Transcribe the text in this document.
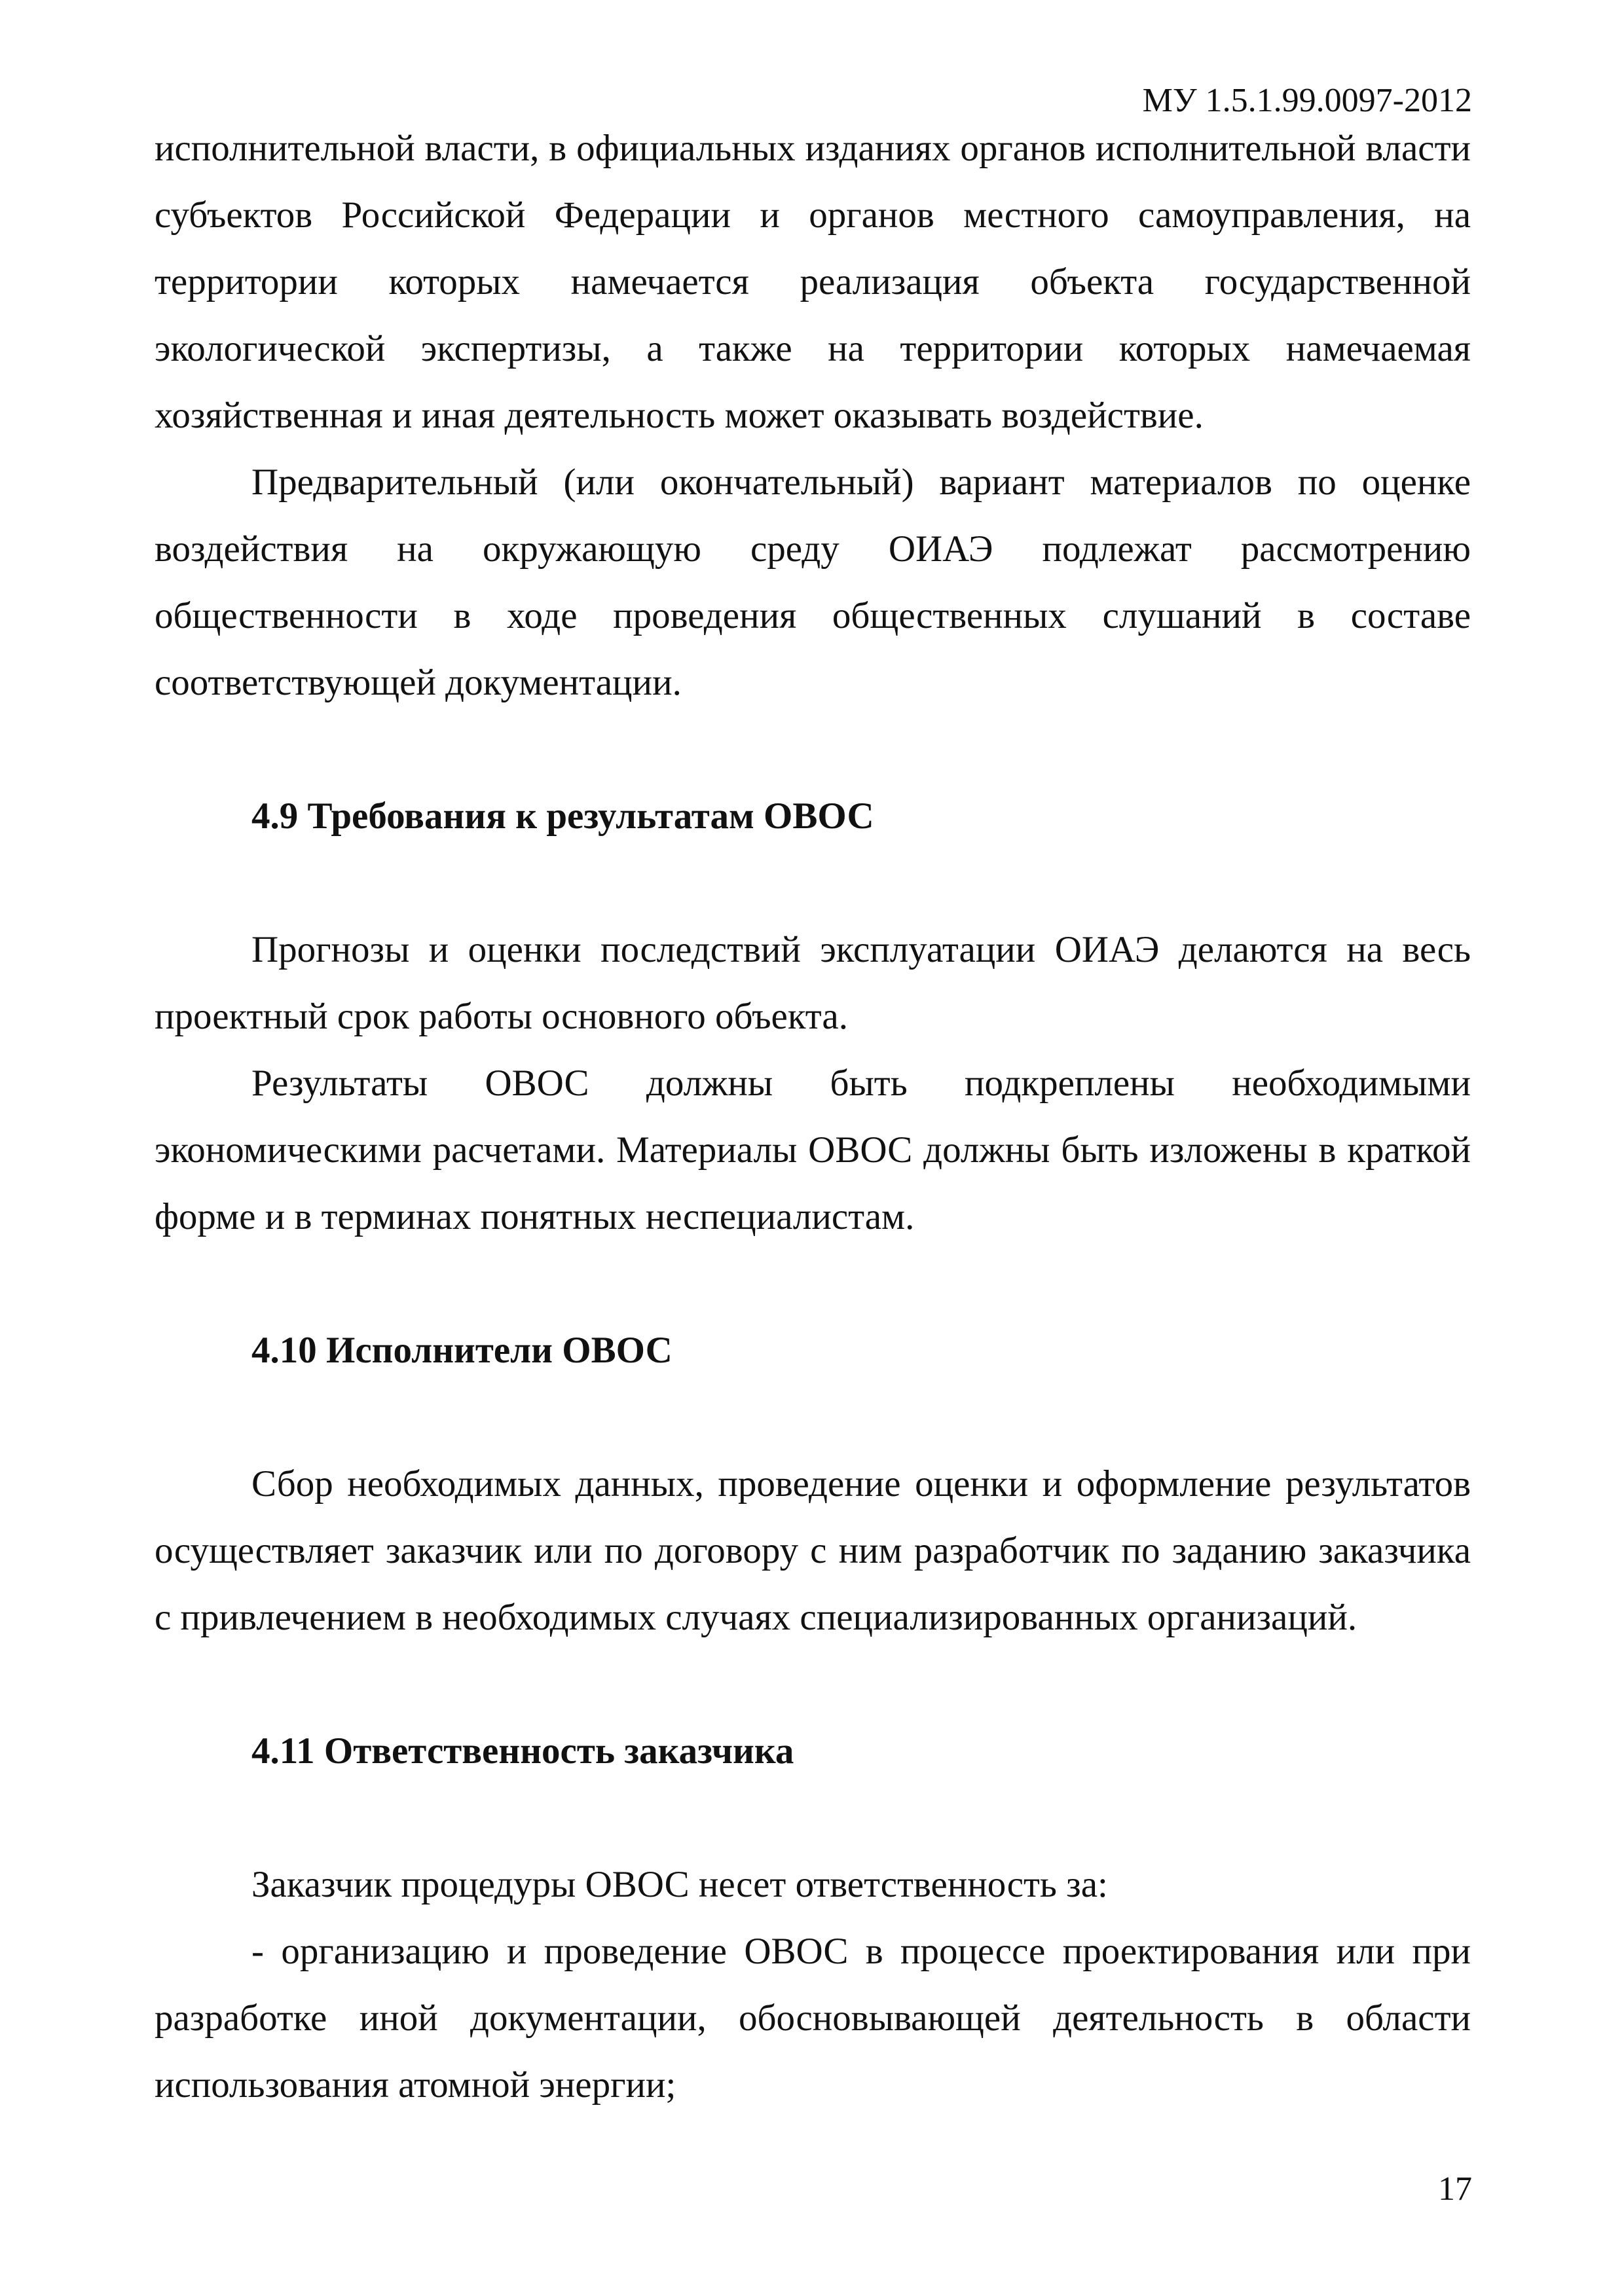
МУ 1.5.1.99.0097-2012

исполнительной власти, в официальных изданиях органов исполнительной власти субъектов Российской Федерации и органов местного самоуправления, на территории которых намечается реализация объекта государственной экологической экспертизы, а также на территории которых намечаемая хозяйственная и иная деятельность может оказывать воздействие.

Предварительный (или окончательный) вариант материалов по оценке воздействия на окружающую среду ОИАЭ подлежат рассмотрению общественности в ходе проведения общественных слушаний в составе соответствующей документации.

4.9 Требования к результатам ОВОС

Прогнозы и оценки последствий эксплуатации ОИАЭ делаются на весь проектный срок работы основного объекта.

Результаты ОВОС должны быть подкреплены необходимыми экономическими расчетами. Материалы ОВОС должны быть изложены в краткой форме и в терминах понятных неспециалистам.

4.10 Исполнители ОВОС

Сбор необходимых данных, проведение оценки и оформление результатов осуществляет заказчик или по договору с ним разработчик по заданию заказчика с привлечением в необходимых случаях специализированных организаций.

4.11 Ответственность заказчика

Заказчик процедуры ОВОС несет ответственность за:

- организацию и проведение ОВОС в процессе проектирования или при разработке иной документации, обосновывающей деятельность в области использования атомной энергии;

17
